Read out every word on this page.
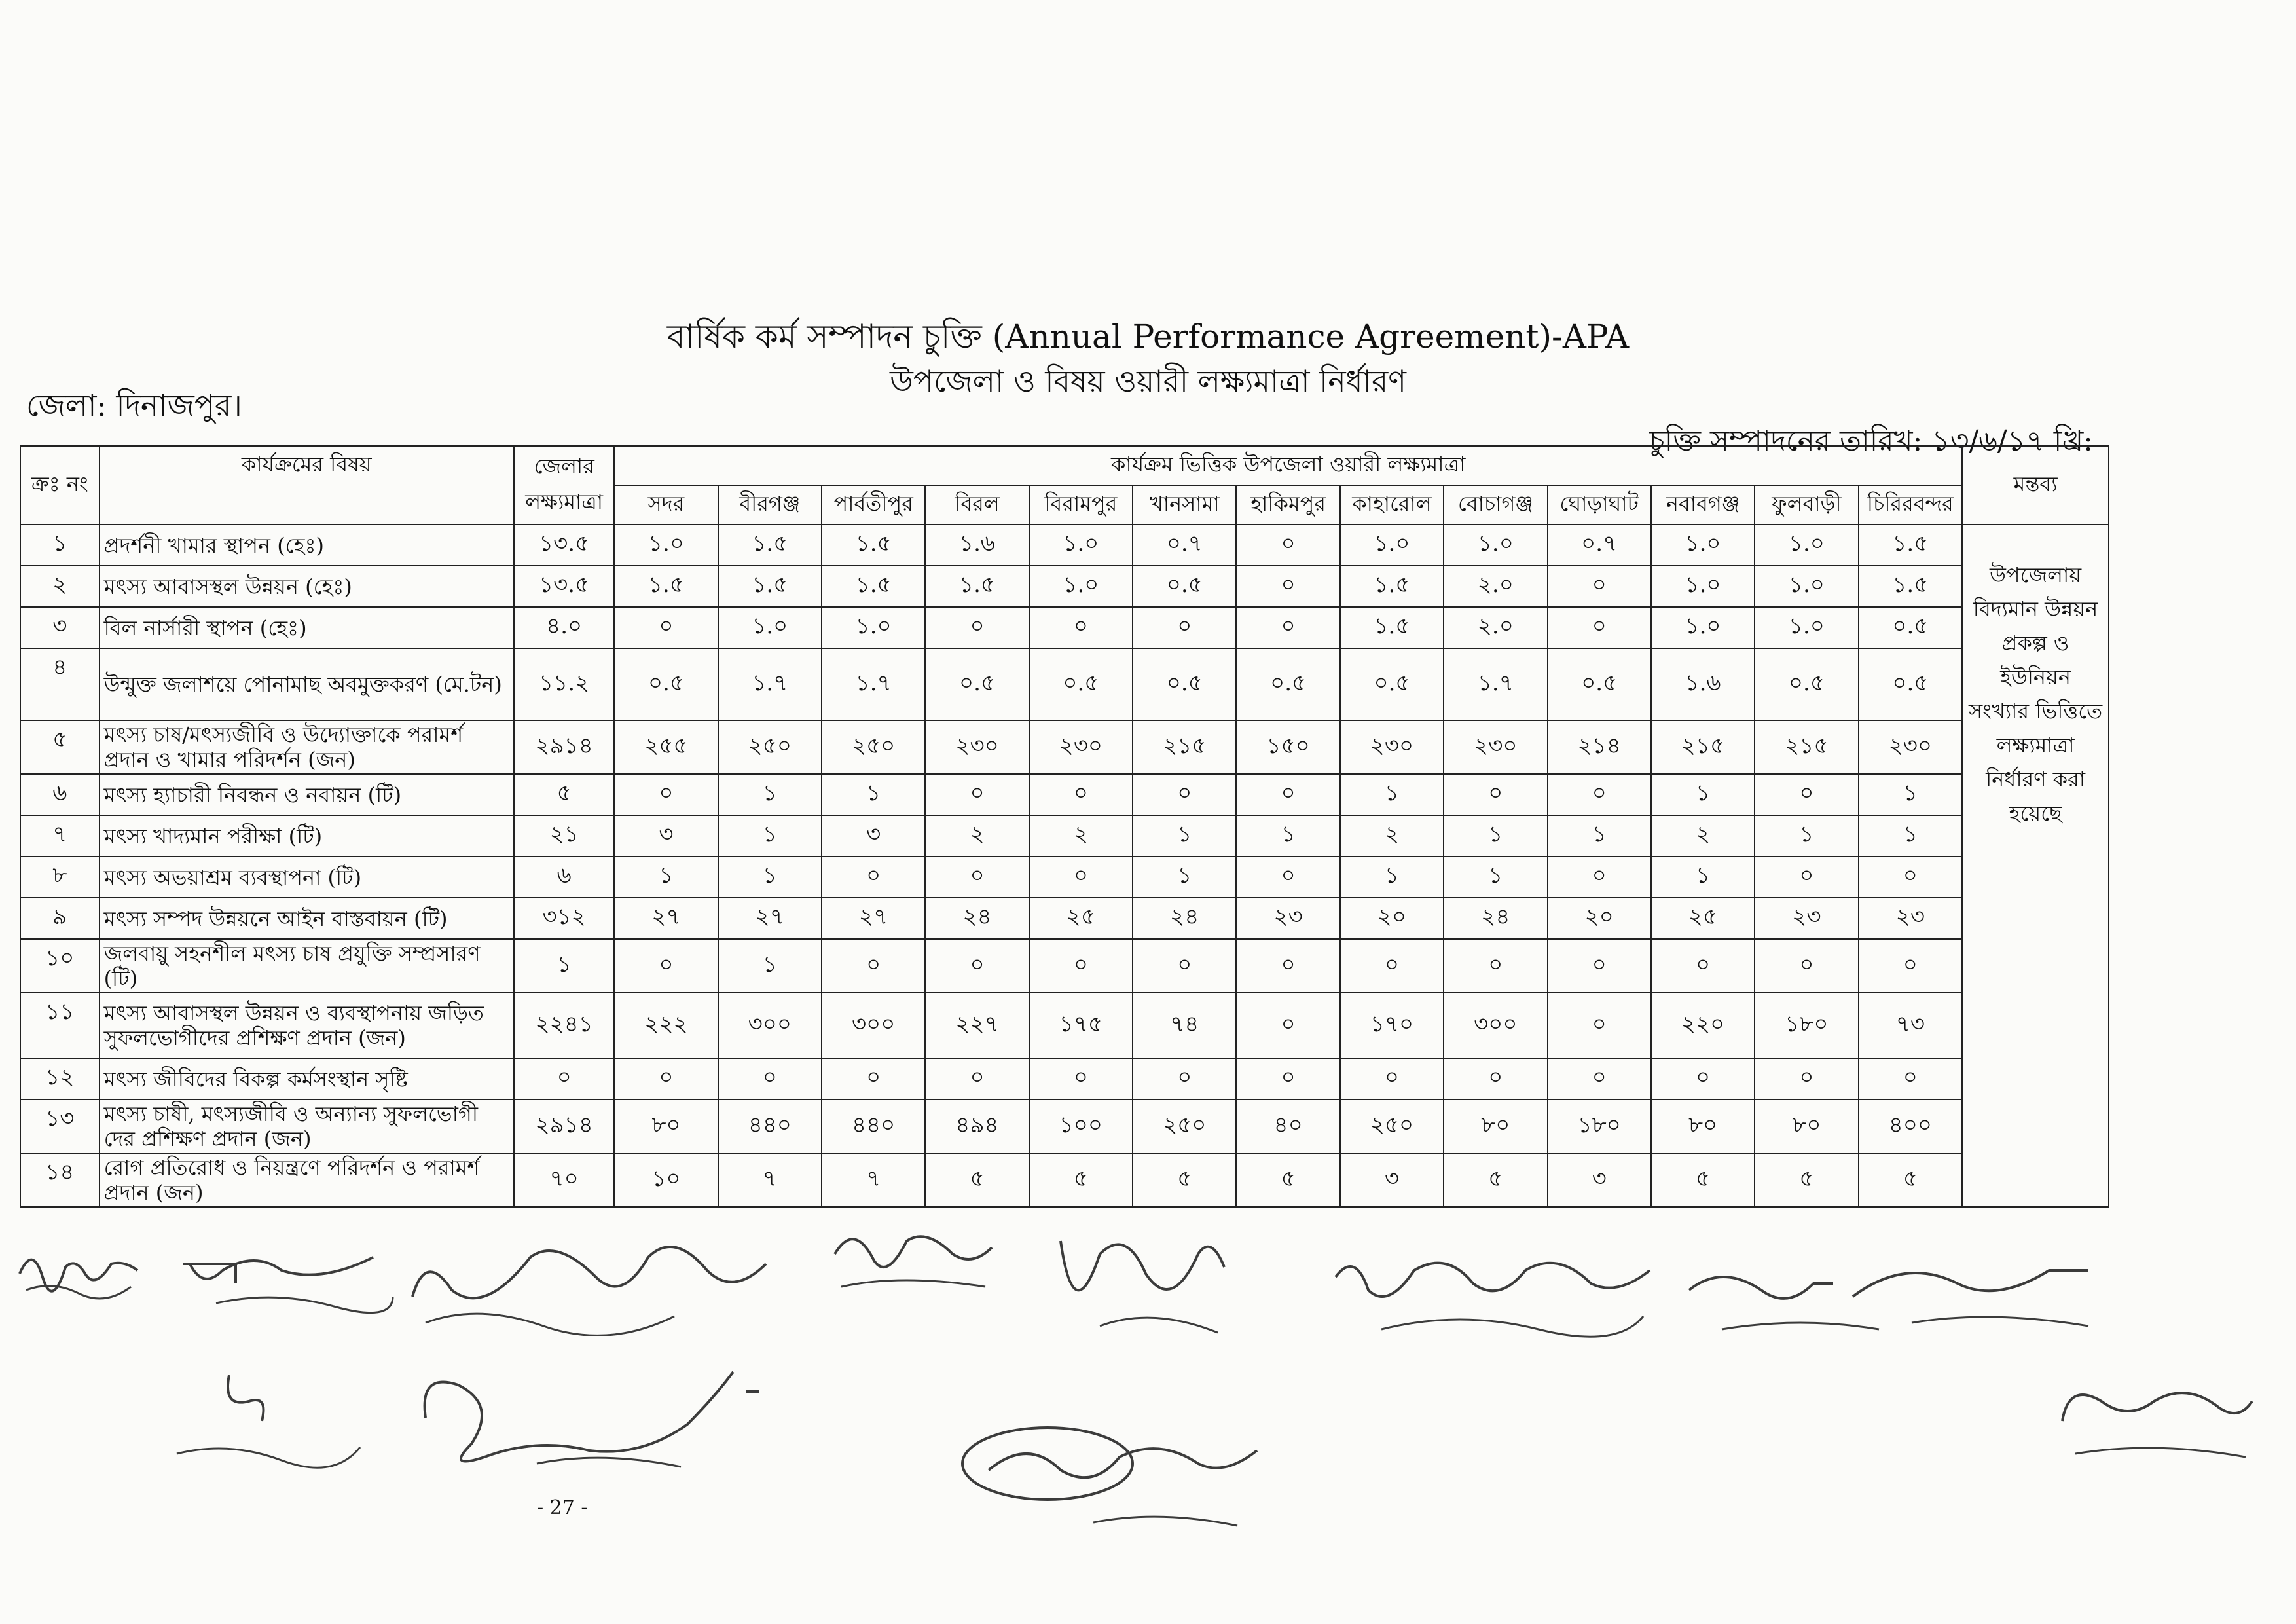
বার্ষিক কর্ম সম্পাদন চুক্তি (Annual Performance Agreement)-APA
উপজেলা ও বিষয় ওয়ারী লক্ষ্যমাত্রা নির্ধারণ
জেলা: দিনাজপুর।
চুক্তি সম্পাদনের তারিখ: ১৩/৬/১৭ খ্রি:
ক্রঃ নং	কার্যক্রমের বিষয়	জেলার লক্ষ্যমাত্রা	কার্যক্রম ভিত্তিক উপজেলা ওয়ারী লক্ষ্যমাত্রা													মন্তব্য
			সদর	বীরগঞ্জ	পার্বতীপুর	বিরল	বিরামপুর	খানসামা	হাকিমপুর	কাহারোল	বোচাগঞ্জ	ঘোড়াঘাট	নবাবগঞ্জ	ফুলবাড়ী	চিরিরবন্দর	
১	প্রদর্শনী খামার স্থাপন (হেঃ)	১৩.৫	১.০	১.৫	১.৫	১.৬	১.০	০.৭	০	১.০	১.০	০.৭	১.০	১.০	১.৫	উপজেলায় বিদ্যমান উন্নয়ন প্রকল্প ও ইউনিয়ন সংখ্যার ভিত্তিতে লক্ষ্যমাত্রা নির্ধারণ করা হয়েছে
২	মৎস্য আবাসস্থল উন্নয়ন (হেঃ)	১৩.৫	১.৫	১.৫	১.৫	১.৫	১.০	০.৫	০	১.৫	২.০	০	১.০	১.০	১.৫	
৩	বিল নার্সারী স্থাপন (হেঃ)	৪.০	০	১.০	১.০	০	০	০	০	১.৫	২.০	০	১.০	১.০	০.৫	
৪	উন্মুক্ত জলাশয়ে পোনামাছ অবমুক্তকরণ (মে.টন)	১১.২	০.৫	১.৭	১.৭	০.৫	০.৫	০.৫	০.৫	০.৫	১.৭	০.৫	১.৬	০.৫	০.৫	
৫	মৎস্য চাষ/মৎস্যজীবি ও উদ্যোক্তাকে পরামর্শ প্রদান ও খামার পরিদর্শন (জন)	২৯১৪	২৫৫	২৫০	২৫০	২৩০	২৩০	২১৫	১৫০	২৩০	২৩০	২১৪	২১৫	২১৫	২৩০	
৬	মৎস্য হ্যাচারী নিবন্ধন ও নবায়ন (টি)	৫	০	১	১	০	০	০	০	১	০	০	১	০	১	
৭	মৎস্য খাদ্যমান পরীক্ষা (টি)	২১	৩	১	৩	২	২	১	১	২	১	১	২	১	১	
৮	মৎস্য অভয়াশ্রম ব্যবস্থাপনা (টি)	৬	১	১	০	০	০	১	০	১	১	০	১	০	০	
৯	মৎস্য সম্পদ উন্নয়নে আইন বাস্তবায়ন (টি)	৩১২	২৭	২৭	২৭	২৪	২৫	২৪	২৩	২০	২৪	২০	২৫	২৩	২৩	
১০	জলবায়ু সহনশীল মৎস্য চাষ প্রযুক্তি সম্প্রসারণ (টি)	১	০	১	০	০	০	০	০	০	০	০	০	০	০	
১১	মৎস্য আবাসস্থল উন্নয়ন ও ব্যবস্থাপনায় জড়িত সুফলভোগীদের প্রশিক্ষণ প্রদান (জন)	২২৪১	২২২	৩০০	৩০০	২২৭	১৭৫	৭৪	০	১৭০	৩০০	০	২২০	১৮০	৭৩	
১২	মৎস্য জীবিদের বিকল্প কর্মসংস্থান সৃষ্টি	০	০	০	০	০	০	০	০	০	০	০	০	০	০	
১৩	মৎস্য চাষী, মৎস্যজীবি ও অন্যান্য সুফলভোগী দের প্রশিক্ষণ প্রদান (জন)	২৯১৪	৮০	৪৪০	৪৪০	৪৯৪	১০০	২৫০	৪০	২৫০	৮০	১৮০	৮০	৮০	৪০০	
১৪	রোগ প্রতিরোধ ও নিয়ন্ত্রণে পরিদর্শন ও পরামর্শ প্রদান (জন)	৭০	১০	৭	৭	৫	৫	৫	৫	৩	৫	৩	৫	৫	৫	
- 27 -
